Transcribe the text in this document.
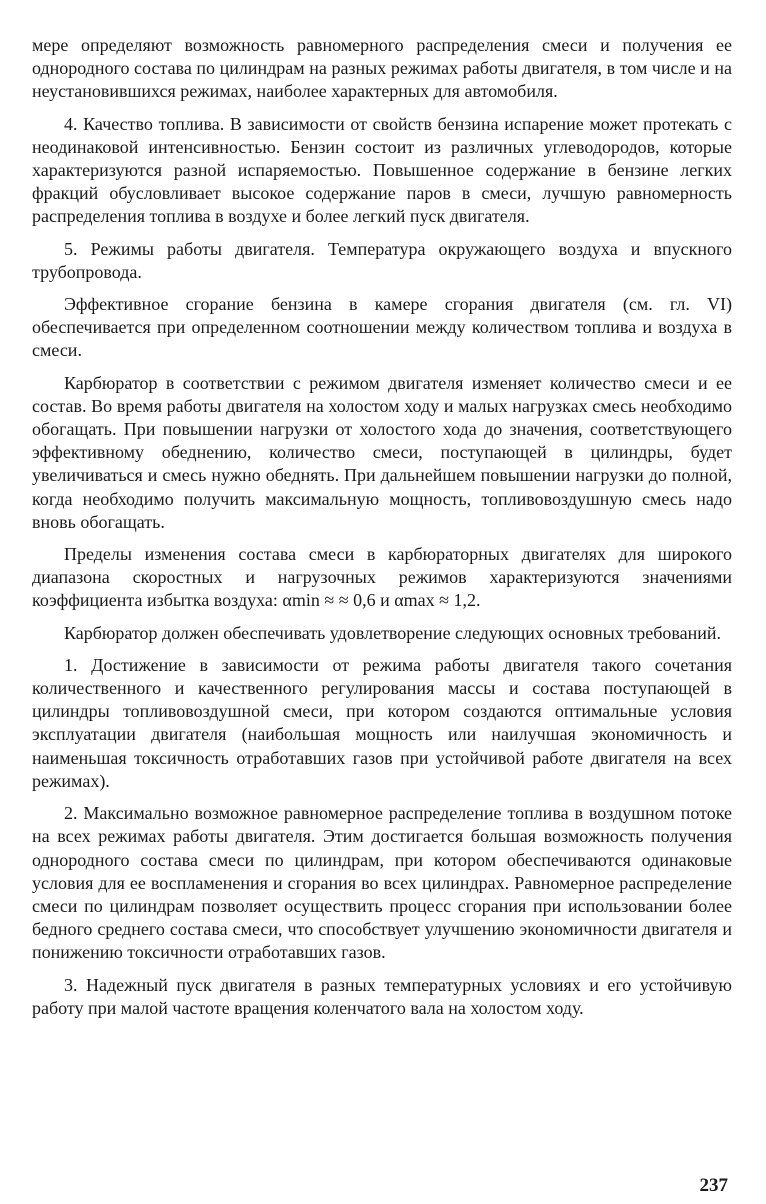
мере определяют возможность равномерного распределения смеси и получения ее однородного состава по цилиндрам на разных режимах работы двигателя, в том числе и на неустановившихся режимах, наиболее характерных для автомобиля.

4. Качество топлива. В зависимости от свойств бензина испарение может протекать с неодинаковой интенсивностью. Бензин состоит из различных углеводородов, которые характеризуются разной испаряемостью. Повышенное содержание в бензине легких фракций обусловливает высокое содержание паров в смеси, лучшую равномерность распределения топлива в воздухе и более легкий пуск двигателя.

5. Режимы работы двигателя. Температура окружающего воздуха и впускного трубопровода.

Эффективное сгорание бензина в камере сгорания двигателя (см. гл. VI) обеспечивается при определенном соотношении между количеством топлива и воздуха в смеси.

Карбюратор в соответствии с режимом двигателя изменяет количество смеси и ее состав. Во время работы двигателя на холостом ходу и малых нагрузках смесь необходимо обогащать. При повышении нагрузки от холостого хода до значения, соответствующего эффективному обеднению, количество смеси, поступающей в цилиндры, будет увеличиваться и смесь нужно обеднять. При дальнейшем повышении нагрузки до полной, когда необходимо получить максимальную мощность, топливовоздушную смесь надо вновь обогащать.

Пределы изменения состава смеси в карбюраторных двигателях для широкого диапазона скоростных и нагрузочных режимов характеризуются значениями коэффициента избытка воздуха: αmin ≈ ≈ 0,6 и αmax ≈ 1,2.

Карбюратор должен обеспечивать удовлетворение следующих основных требований.

1. Достижение в зависимости от режима работы двигателя такого сочетания количественного и качественного регулирования массы и состава поступающей в цилиндры топливовоздушной смеси, при котором создаются оптимальные условия эксплуатации двигателя (наибольшая мощность или наилучшая экономичность и наименьшая токсичность отработавших газов при устойчивой работе двигателя на всех режимах).

2. Максимально возможное равномерное распределение топлива в воздушном потоке на всех режимах работы двигателя. Этим достигается большая возможность получения однородного состава смеси по цилиндрам, при котором обеспечиваются одинаковые условия для ее воспламенения и сгорания во всех цилиндрах. Равномерное распределение смеси по цилиндрам позволяет осуществить процесс сгорания при использовании более бедного среднего состава смеси, что способствует улучшению экономичности двигателя и понижению токсичности отработавших газов.

3. Надежный пуск двигателя в разных температурных условиях и его устойчивую работу при малой частоте вращения коленчатого вала на холостом ходу.

237
